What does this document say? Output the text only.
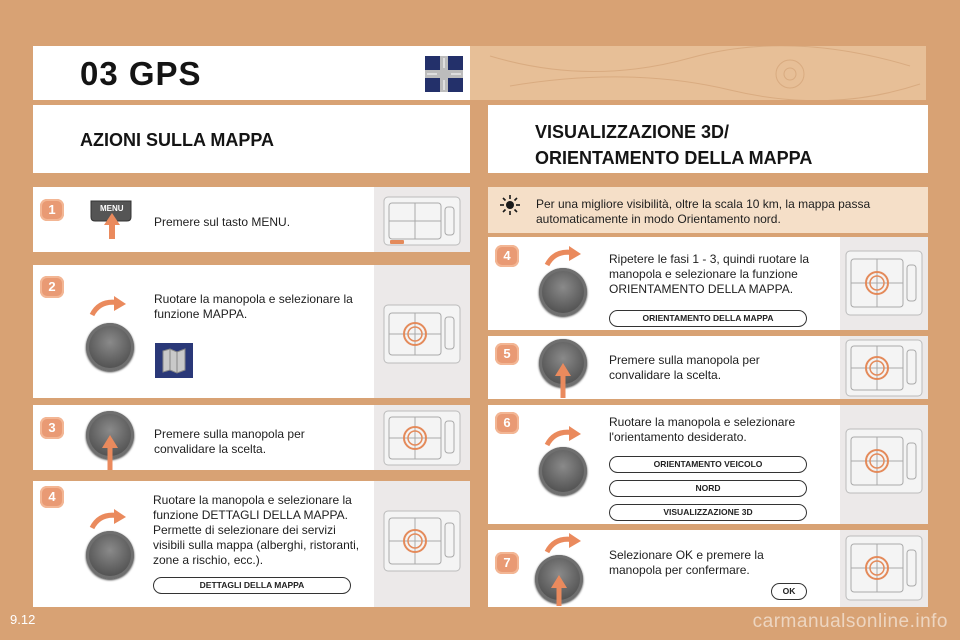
03 GPS
AZIONI SULLA MAPPA	VISUALIZZAZIONE 3D/
ORIENTAMENTO DELLA MAPPA
1	MENU
Premere sul tasto MENU.
2
Ruotare la manopola e selezionare la funzione MAPPA.
3	Premere sulla manopola per convalidare la scelta.
4	Ruotare la manopola e selezionare la funzione DETTAGLI DELLA MAPPA. Permette di selezionare dei servizi visibili sulla mappa (alberghi, ristoranti, zone a rischio, ecc.).
DETTAGLI DELLA MAPPA
Per una migliore visibilità, oltre la scala 10 km, la mappa passa automaticamente in modo Orientamento nord.
4	Ripetere le fasi 1 - 3, quindi ruotare la manopola e selezionare la funzione ORIENTAMENTO DELLA MAPPA.
ORIENTAMENTO DELLA MAPPA
5	Premere sulla manopola per convalidare la scelta.
6	Ruotare la manopola e selezionare l'orientamento desiderato.
ORIENTAMENTO VEICOLO
NORD
VISUALIZZAZIONE 3D
7	Selezionare OK e premere la manopola per confermare.
OK
9.12	carmanualsonline.info
